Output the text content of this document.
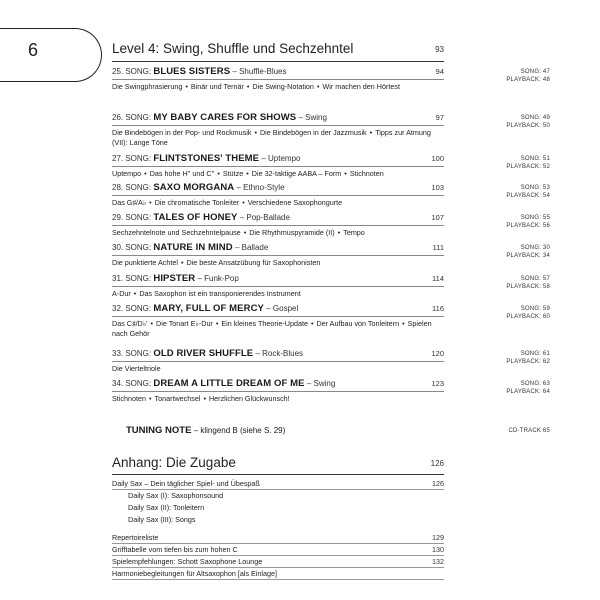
6	Level 4: Swing, Shuffle und Sechzehntel	93
25. SONG: BLUES SISTERS – Shuffle-Blues	94
Die Swingphrasierung • Binär und Ternär • Die Swing-Notation • Wir machen den Hörtest
26. SONG: MY BABY CARES FOR SHOWS – Swing	97
Die Bindebögen in der Pop- und Rockmusik • Die Bindebögen in der Jazzmusik • Tipps zur Atmung (VII): Lange Töne
27. SONG: FLINTSTONES' THEME – Uptempo	100
Uptempo • Das hohe H'' und C'' • Stütze • Die 32-taktige AABA – Form • Stichnoten
28. SONG: SAXO MORGANA – Ethno-Style	103
Das G♯/A♭ • Die chromatische Tonleiter • Verschiedene Saxophongurte
29. SONG: TALES OF HONEY – Pop-Ballade	107
Sechzehntelnote und Sechzehntelpause • Die Rhythmuspyramide (II) • Tempo
30. SONG: NATURE IN MIND – Ballade	111
Die punktierte Achtel • Die beste Ansatzübung für Saxophonisten
31. SONG: HIPSTER – Funk-Pop	114
A-Dur • Das Saxophon ist ein transponierendes Instrument
32. SONG: MARY, FULL OF MERCY – Gospel	116
Das C♯/D♭' • Die Tonart E♭-Dur • Ein kleines Theorie-Update • Der Aufbau von Tonleitern • Spielen nach Gehör
33. SONG: OLD RIVER SHUFFLE – Rock-Blues	120
Die Vierteltriole
34. SONG: DREAM A LITTLE DREAM OF ME – Swing	123
Stichnoten • Tonartwechsel • Herzlichen Glückwunsch!
SONG: 47
PLAYBACK: 48
SONG: 49
PLAYBACK: 50
SONG: 51
PLAYBACK: 52
SONG: 53
PLAYBACK: 54
SONG: 55
PLAYBACK: 56
SONG: 30
PLAYBACK: 34
SONG: 57
PLAYBACK: 58
SONG: 59
PLAYBACK: 60
SONG: 61
PLAYBACK: 62
SONG: 63
PLAYBACK: 64
TUNING NOTE – klingend B (siehe S. 29)	CD-TRACK 65
Anhang: Die Zugabe	126
Daily Sax – Dein täglicher Spiel- und Übespaß	126
Daily Sax (I): Saxophonsound
Daily Sax (II): Tonleitern
Daily Sax (III): Songs
Repertoireliste	129
Grifftabelle vom tiefen bis zum hohen C	130
Spielempfehlungen: Schott Saxophone Lounge	132
Harmoniebegleitungen für Altsaxophon [als Einlage]
